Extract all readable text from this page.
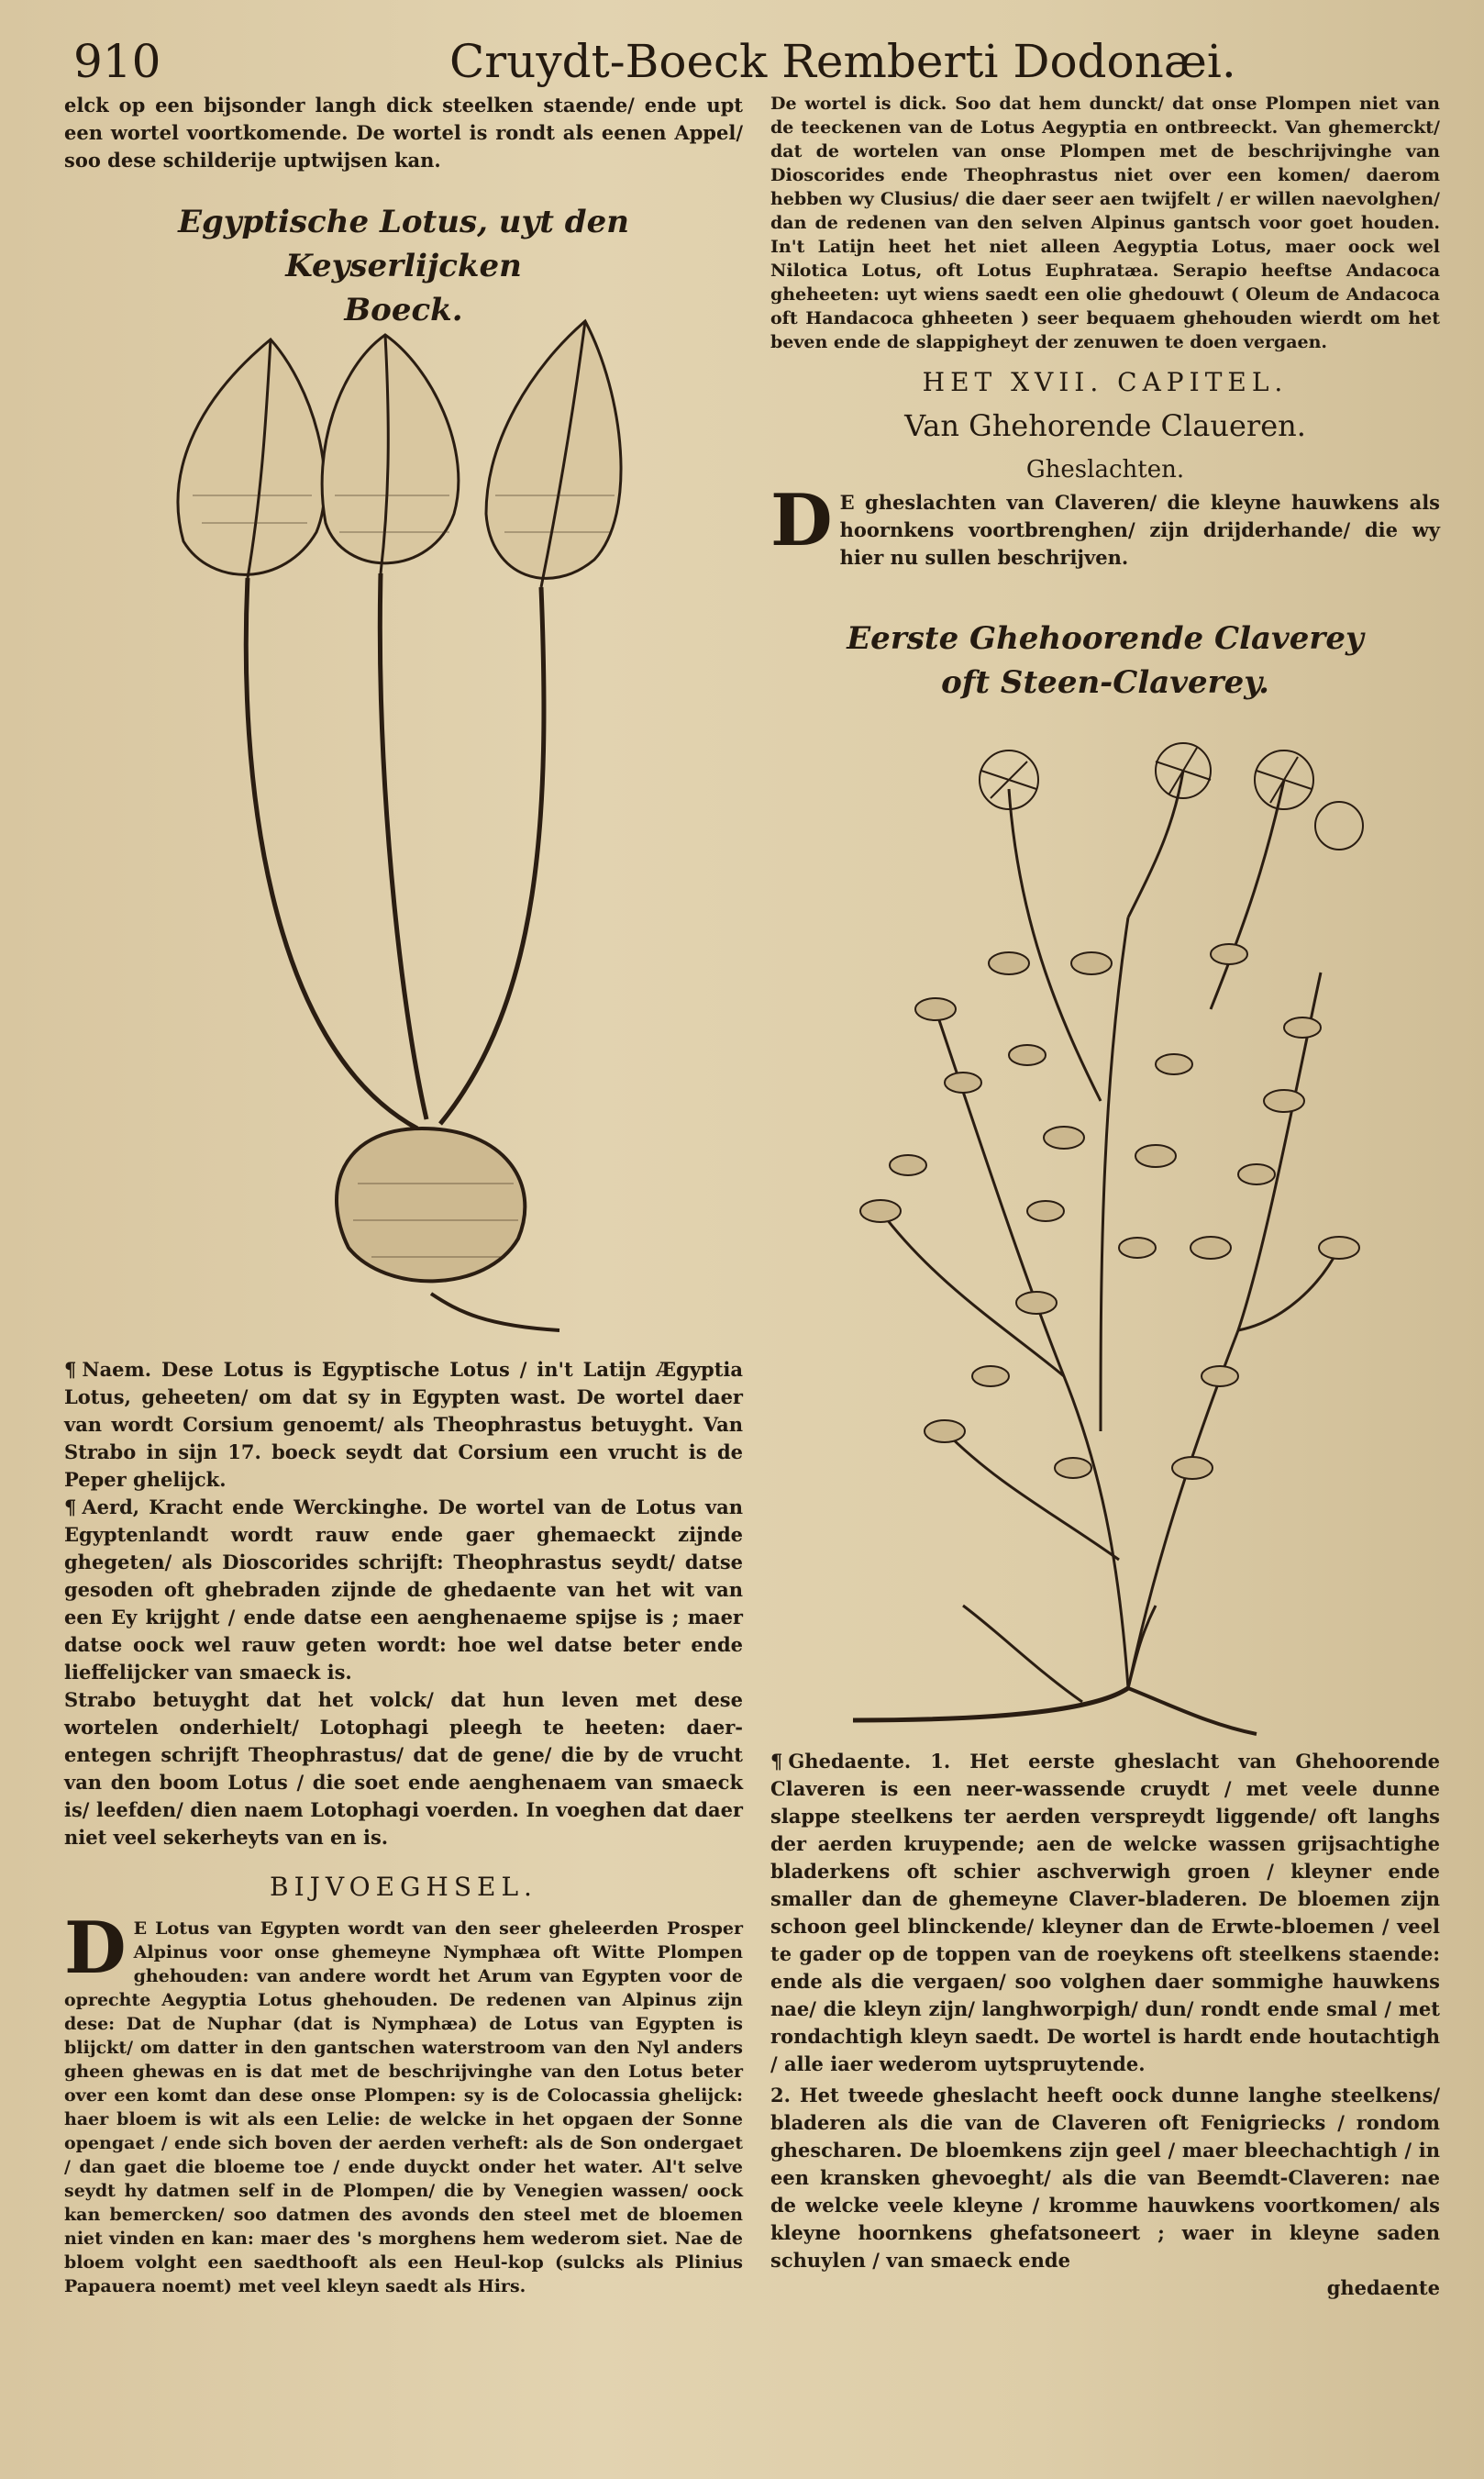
910	Cruydt-Boeck Remberti Dodonæi.

elck op een bijsonder langh dick steelken staende/ ende upt een wortel voortkomende. De wortel is rondt als eenen Appel/ soo dese schilderije uptwijsen kan.

Egyptische Lotus, uyt den Keyserlijcken

Boeck.

¶ Naem. Dese Lotus is Egyptische Lotus / in't Latijn Ægyptia Lotus, geheeten/ om dat sy in Egypten wast. De wortel daer van wordt Corsium genoemt/ als Theophrastus betuyght. Van Strabo in sijn 17. boeck seydt dat Corsium een vrucht is de Peper ghelijck.

¶ Aerd, Kracht ende Werckinghe. De wortel van de Lotus van Egyptenlandt wordt rauw ende gaer ghemaeckt zijnde ghegeten/ als Dioscorides schrijft: Theophrastus seydt/ datse gesoden oft ghebraden zijnde de ghedaente van het wit van een Ey krijght / ende datse een aenghenaeme spijse is ; maer datse oock wel rauw geten wordt: hoe wel datse beter ende lieffelijcker van smaeck is.

Strabo betuyght dat het volck/ dat hun leven met dese wortelen onderhielt/ Lotophagi pleegh te heeten: daer-entegen schrijft Theophrastus/ dat de gene/ die by de vrucht van den boom Lotus / die soet ende aenghenaem van smaeck is/ leefden/ dien naem Lotophagi voerden. In voeghen dat daer niet veel sekerheyts van en is.

BIJVOEGHSEL.

D E Lotus van Egypten wordt van den seer gheleerden Prosper Alpinus voor onse ghemeyne Nymphæa oft Witte Plompen ghehouden: van andere wordt het Arum van Egypten voor de oprechte Aegyptia Lotus ghehouden. De redenen van Alpinus zijn dese: Dat de Nuphar (dat is Nymphæa) de Lotus van Egypten is blijckt/ om datter in den gantschen waterstroom van den Nyl anders gheen ghewas en is dat met de beschrijvinghe van den Lotus beter over een komt dan dese onse Plompen: sy is de Colocassia ghelijck: haer bloem is wit als een Lelie: de welcke in het opgaen der Sonne opengaet / ende sich boven der aerden verheft: als de Son ondergaet / dan gaet die bloeme toe / ende duyckt onder het water. Al't selve seydt hy datmen self in de Plompen/ die by Venegien wassen/ oock kan bemercken/ soo datmen des avonds den steel met de bloemen niet vinden en kan: maer des 's morghens hem wederom siet. Nae de bloem volght een saedthooft als een Heul-kop (sulcks als Plinius Papauera noemt) met veel kleyn saedt als Hirs.

De wortel is dick. Soo dat hem dunckt/ dat onse Plompen niet van de teeckenen van de Lotus Aegyptia en ontbreeckt. Van ghemerckt/ dat de wortelen van onse Plompen met de beschrijvinghe van Dioscorides ende Theophrastus niet over een komen/ daerom hebben wy Clusius/ die daer seer aen twijfelt / er willen naevolghen/ dan de redenen van den selven Alpinus gantsch voor goet houden. In't Latijn heet het niet alleen Aegyptia Lotus, maer oock wel Nilotica Lotus, oft Lotus Euphratæa. Serapio heeftse Andacoca gheheeten: uyt wiens saedt een olie ghedouwt ( Oleum de Andacoca oft Handacoca ghheeten ) seer bequaem ghehouden wierdt om het beven ende de slappigheyt der zenuwen te doen vergaen.

HET XVII. CAPITEL.

Van Ghehorende Claueren.

Gheslachten.

D E gheslachten van Claveren/ die kleyne hauwkens als hoornkens voortbrenghen/ zijn drijderhande/ die wy hier nu sullen beschrijven.

Eerste Ghehoorende Claverey

oft Steen-Claverey.

¶ Ghedaente. 1. Het eerste gheslacht van Ghehoorende Claveren is een neer-wassende cruydt / met veele dunne slappe steelkens ter aerden verspreydt liggende/ oft langhs der aerden kruypende; aen de welcke wassen grijsachtighe bladerkens oft schier aschverwigh groen / kleyner ende smaller dan de ghemeyne Claver-bladeren. De bloemen zijn schoon geel blinckende/ kleyner dan de Erwte-bloemen / veel te gader op de toppen van de roeykens oft steelkens staende: ende als die vergaen/ soo volghen daer sommighe hauwkens nae/ die kleyn zijn/ langhworpigh/ dun/ rondt ende smal / met rondachtigh kleyn saedt. De wortel is hardt ende houtachtigh / alle iaer wederom uytspruytende.

2. Het tweede gheslacht heeft oock dunne langhe steelkens/ bladeren als die van de Claveren oft Fenigriecks / rondom ghescharen. De bloemkens zijn geel / maer bleechachtigh / in een kransken ghevoeght/ als die van Beemdt-Claveren: nae de welcke veele kleyne / kromme hauwkens voortkomen/ als kleyne hoornkens ghefatsoneert ; waer in kleyne saden schuylen / van smaeck ende

ghedaente
